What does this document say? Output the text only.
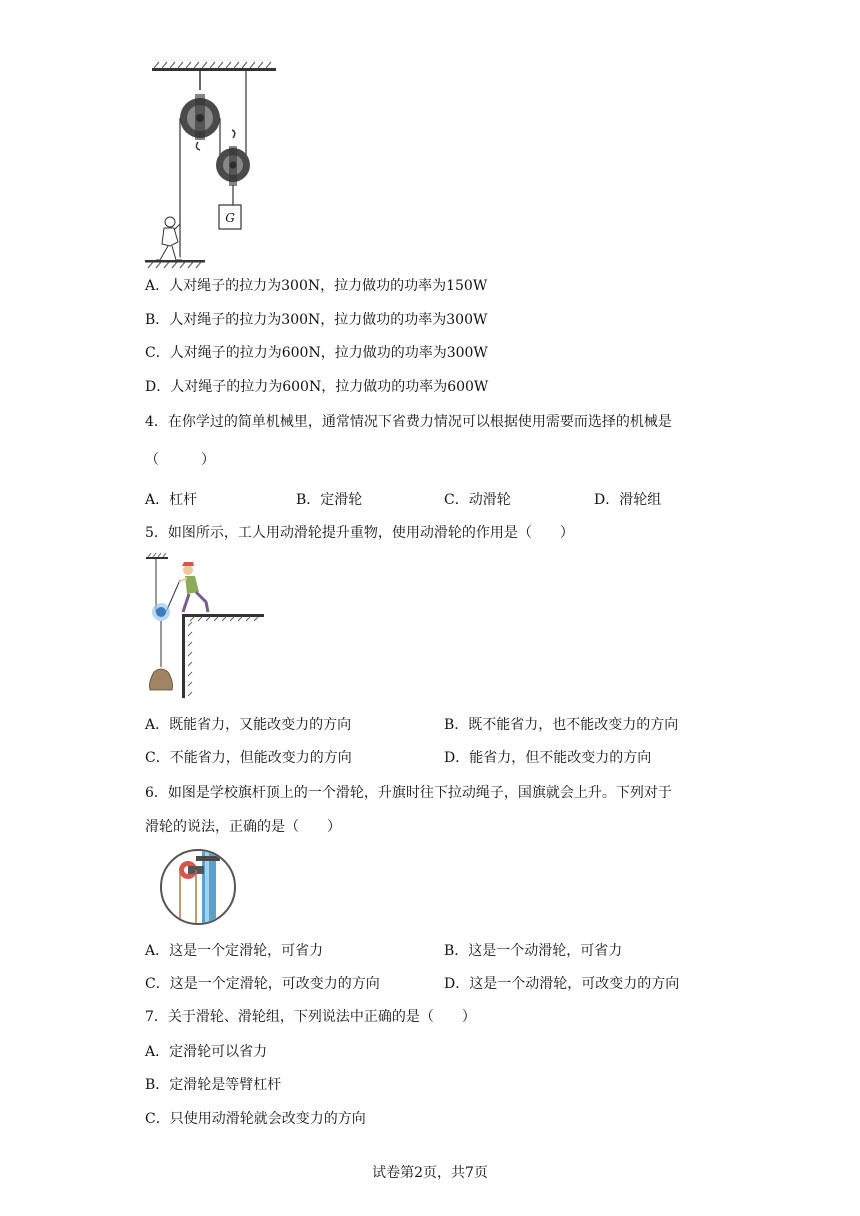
G
A．人对绳子的拉力为300N，拉力做功的功率为150W
B．人对绳子的拉力为300N，拉力做功的功率为300W
C．人对绳子的拉力为600N，拉力做功的功率为300W
D．人对绳子的拉力为600N，拉力做功的功率为600W
4．在你学过的简单机械里，通常情况下省费力情况可以根据使用需要而选择的机械是
（　　　）
A．杠杆	B．定滑轮	C．动滑轮	D．滑轮组
5．如图所示，工人用动滑轮提升重物，使用动滑轮的作用是（　　）
A．既能省力，又能改变力的方向	B．既不能省力，也不能改变力的方向
C．不能省力，但能改变力的方向	D．能省力，但不能改变力的方向
6．如图是学校旗杆顶上的一个滑轮，升旗时往下拉动绳子，国旗就会上升。下列对于
滑轮的说法，正确的是（　　）
A．这是一个定滑轮，可省力	B．这是一个动滑轮，可省力
C．这是一个定滑轮，可改变力的方向	D．这是一个动滑轮，可改变力的方向
7．关于滑轮、滑轮组，下列说法中正确的是（　　）
A．定滑轮可以省力
B．定滑轮是等臂杠杆
C．只使用动滑轮就会改变力的方向
试卷第2页，共7页
